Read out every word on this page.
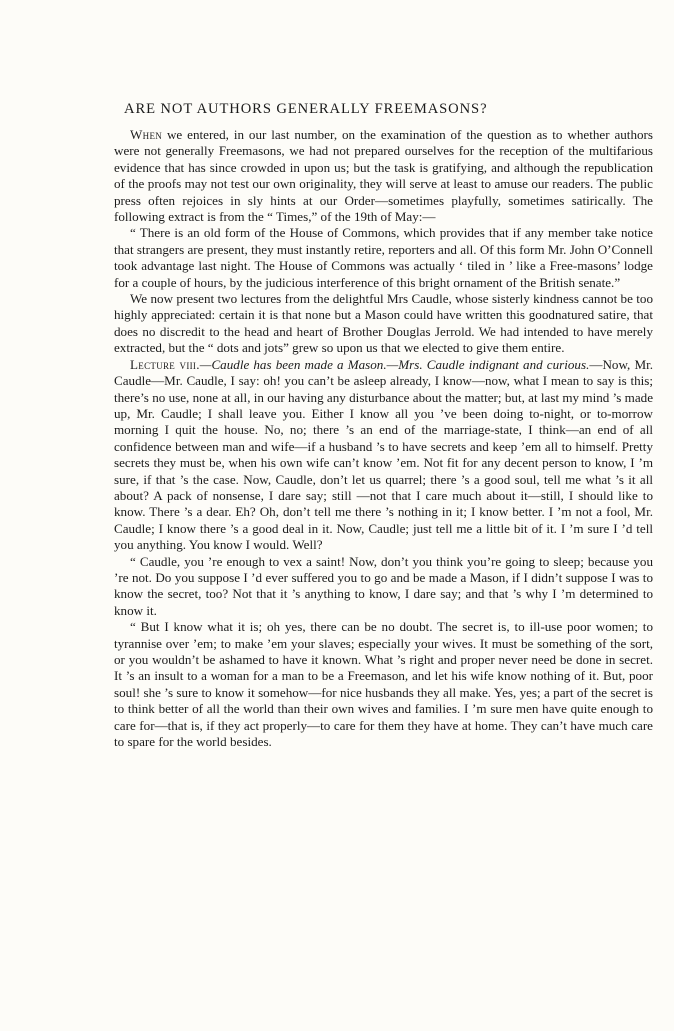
ARE NOT AUTHORS GENERALLY FREEMASONS?

When we entered, in our last number, on the examination of the question as to whether authors were not generally Freemasons, we had not prepared ourselves for the reception of the multifarious evidence that has since crowded in upon us; but the task is gratifying, and although the republication of the proofs may not test our own originality, they will serve at least to amuse our readers. The public press often rejoices in sly hints at our Order—sometimes playfully, sometimes satirically. The following extract is from the “ Times,” of the 19th of May:—

“ There is an old form of the House of Commons, which provides that if any member take notice that strangers are present, they must instantly retire, reporters and all. Of this form Mr. John O’Connell took advantage last night. The House of Commons was actually ‘ tiled in ’ like a Free-masons’ lodge for a couple of hours, by the judicious interference of this bright ornament of the British senate.”

We now present two lectures from the delightful Mrs Caudle, whose sisterly kindness cannot be too highly appreciated: certain it is that none but a Mason could have written this goodnatured satire, that does no discredit to the head and heart of Brother Douglas Jerrold. We had intended to have merely extracted, but the “ dots and jots” grew so upon us that we elected to give them entire.

Lecture viii.—Caudle has been made a Mason.—Mrs. Caudle indignant and curious.—Now, Mr. Caudle—Mr. Caudle, I say: oh! you can’t be asleep already, I know—now, what I mean to say is this; there’s no use, none at all, in our having any disturbance about the matter; but, at last my mind ’s made up, Mr. Caudle; I shall leave you. Either I know all you ’ve been doing to-night, or to-morrow morning I quit the house. No, no; there ’s an end of the marriage-state, I think—an end of all confidence between man and wife—if a husband ’s to have secrets and keep ’em all to himself. Pretty secrets they must be, when his own wife can’t know ’em. Not fit for any decent person to know, I ’m sure, if that ’s the case. Now, Caudle, don’t let us quarrel; there ’s a good soul, tell me what ’s it all about? A pack of nonsense, I dare say; still —not that I care much about it—still, I should like to know. There ’s a dear. Eh? Oh, don’t tell me there ’s nothing in it; I know better. I ’m not a fool, Mr. Caudle; I know there ’s a good deal in it. Now, Caudle; just tell me a little bit of it. I ’m sure I ’d tell you anything. You know I would. Well?

“ Caudle, you ’re enough to vex a saint! Now, don’t you think you’re going to sleep; because you ’re not. Do you suppose I ’d ever suffered you to go and be made a Mason, if I didn’t suppose I was to know the secret, too? Not that it ’s anything to know, I dare say; and that ’s why I ’m determined to know it.

“ But I know what it is; oh yes, there can be no doubt. The secret is, to ill-use poor women; to tyrannise over ’em; to make ’em your slaves; especially your wives. It must be something of the sort, or you wouldn’t be ashamed to have it known. What ’s right and proper never need be done in secret. It ’s an insult to a woman for a man to be a Freemason, and let his wife know nothing of it. But, poor soul! she ’s sure to know it somehow—for nice husbands they all make. Yes, yes; a part of the secret is to think better of all the world than their own wives and families. I ’m sure men have quite enough to care for—that is, if they act properly—to care for them they have at home. They can’t have much care to spare for the world besides.
